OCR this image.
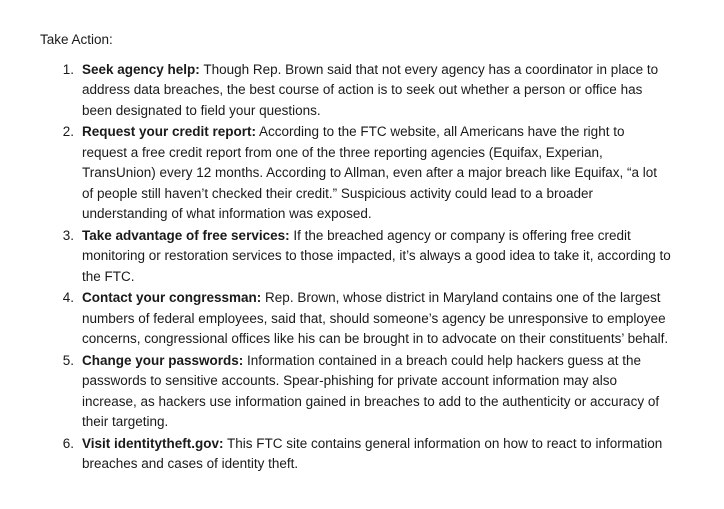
Take Action:

1. Seek agency help: Though Rep. Brown said that not every agency has a coordinator in place to address data breaches, the best course of action is to seek out whether a person or office has been designated to field your questions.
2. Request your credit report: According to the FTC website, all Americans have the right to request a free credit report from one of the three reporting agencies (Equifax, Experian, TransUnion) every 12 months. According to Allman, even after a major breach like Equifax, “a lot of people still haven’t checked their credit.” Suspicious activity could lead to a broader understanding of what information was exposed.
3. Take advantage of free services: If the breached agency or company is offering free credit monitoring or restoration services to those impacted, it’s always a good idea to take it, according to the FTC.
4. Contact your congressman: Rep. Brown, whose district in Maryland contains one of the largest numbers of federal employees, said that, should someone’s agency be unresponsive to employee concerns, congressional offices like his can be brought in to advocate on their constituents’ behalf.
5. Change your passwords: Information contained in a breach could help hackers guess at the passwords to sensitive accounts. Spear-phishing for private account information may also increase, as hackers use information gained in breaches to add to the authenticity or accuracy of their targeting.
6. Visit identitytheft.gov: This FTC site contains general information on how to react to information breaches and cases of identity theft.
